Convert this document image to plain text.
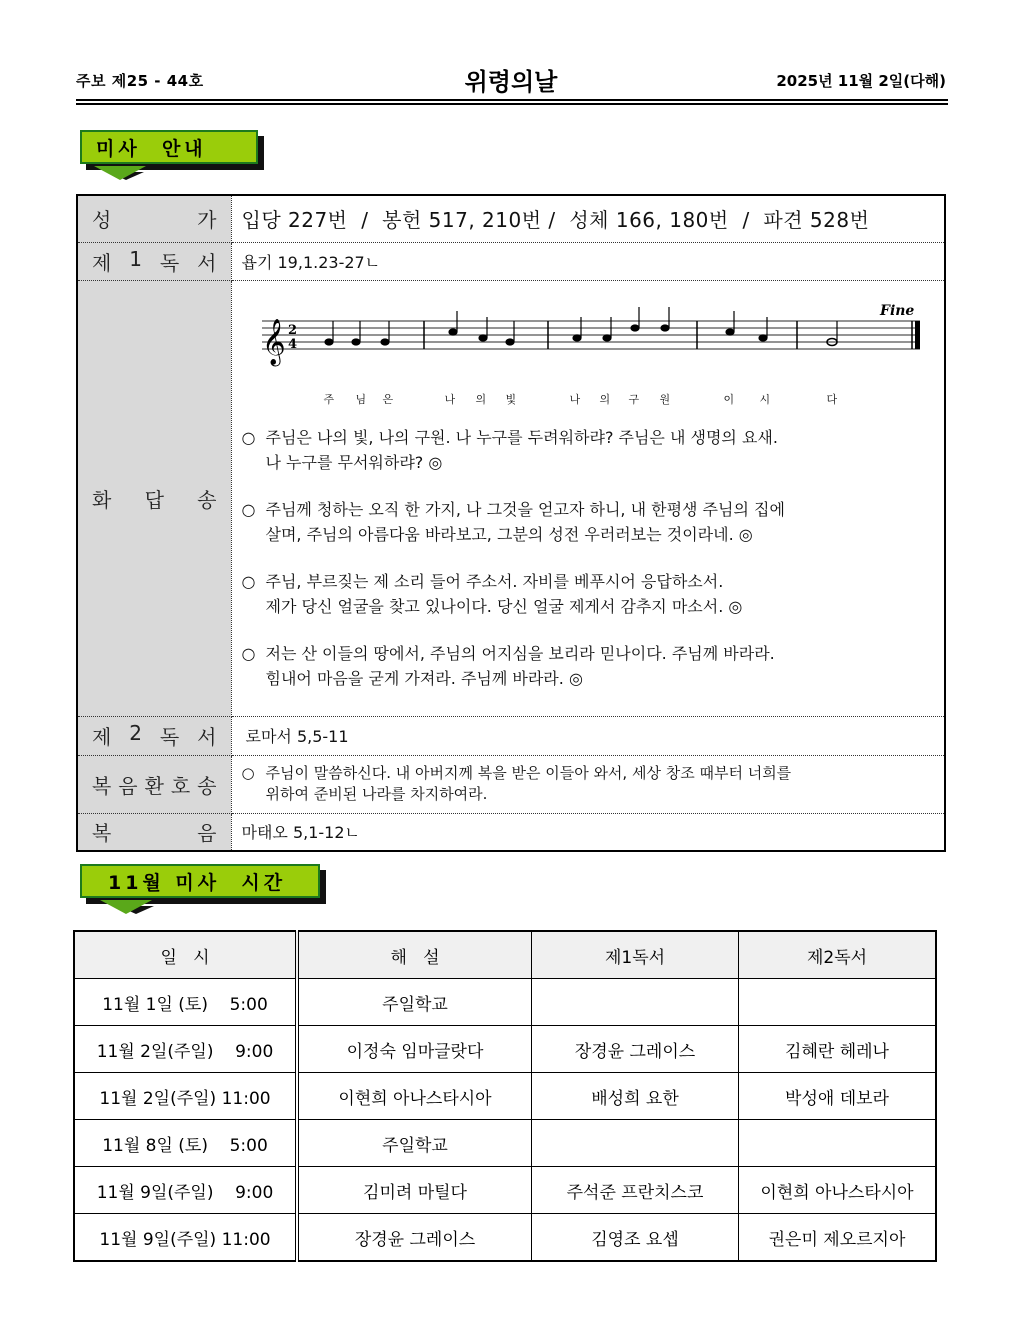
주보 제25 - 44호	위령의날	2025년 11월 2일(다해)
미사  안내
성 가	입당 227번  /  봉헌 517, 210번 /  성체 166, 180번  /  파견 528번

제 1 독 서	욥기 19,1.23-27ㄴ

화 답 송

𝄞 2
4
Fine
주 님 은	나 의 빛	나 의 구 원	이 시	다
○ 주님은 나의 빛, 나의 구원. 나 누구를 두려워하랴? 주님은 내 생명의 요새.
나 누구를 무서워하랴? ◎
○ 주님께 청하는 오직 한 가지, 나 그것을 얻고자 하니, 내 한평생 주님의 집에
살며, 주님의 아름다움 바라보고, 그분의 성전 우러러보는 것이라네. ◎
○ 주님, 부르짖는 제 소리 들어 주소서. 자비를 베푸시어 응답하소서.
제가 당신 얼굴을 찾고 있나이다. 당신 얼굴 제게서 감추지 마소서. ◎
○ 저는 산 이들의 땅에서, 주님의 어지심을 보리라 믿나이다. 주님께 바라라.
힘내어 마음을 굳게 가져라. 주님께 바라라. ◎

제 2 독 서	로마서 5,5-11

복 음 환 호 송

○ 주님이 말씀하신다. 내 아버지께 복을 받은 이들아 와서, 세상 창조 때부터 너희를
위하여 준비된 나라를 차지하여라.

복 음	마태오 5,1-12ㄴ
11월 미사  시간
일   시	해   설	제1독서	제2독서
11월 1일 (토)    5:00	주일학교		
11월 2일(주일)    9:00	이정숙 임마글랏다	장경윤 그레이스	김혜란 헤레나
11월 2일(주일) 11:00	이현희 아나스타시아	배성희 요한	박성애 데보라
11월 8일 (토)    5:00	주일학교		
11월 9일(주일)    9:00	김미려 마틸다	주석준 프란치스코	이현희 아나스타시아
11월 9일(주일) 11:00	장경윤 그레이스	김영조 요셉	권은미 제오르지아
